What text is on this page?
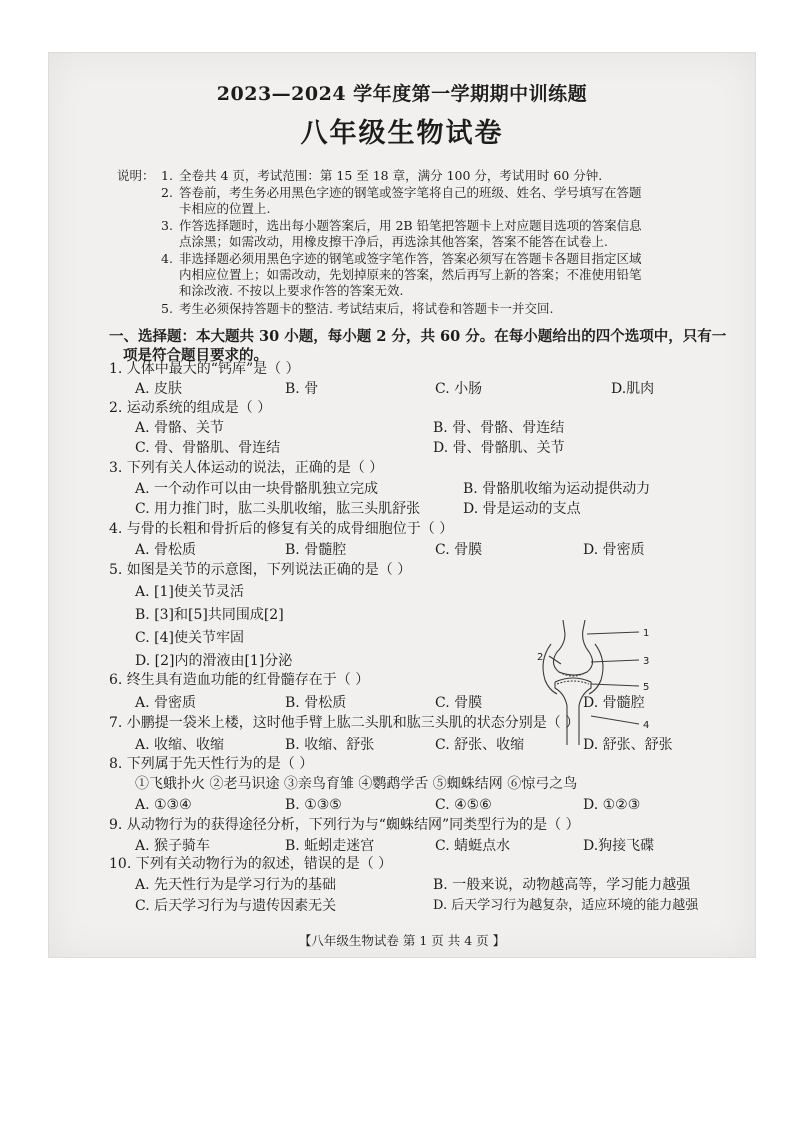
2023—2024 学年度第一学期期中训练题
八年级生物试卷
说明： 1. 全卷共 4 页，考试范围：第 15 至 18 章，满分 100 分，考试用时 60 分钟.
2. 答卷前，考生务必用黑色字迹的钢笔或签字笔将自己的班级、姓名、学号填写在答题
卡相应的位置上.
3. 作答选择题时，选出每小题答案后，用 2B 铅笔把答题卡上对应题目选项的答案信息
点涂黑；如需改动，用橡皮擦干净后，再选涂其他答案，答案不能答在试卷上.
4. 非选择题必须用黑色字迹的钢笔或签字笔作答，答案必须写在答题卡各题目指定区域
内相应位置上；如需改动，先划掉原来的答案，然后再写上新的答案；不准使用铅笔
和涂改液. 不按以上要求作答的答案无效.
5. 考生必须保持答题卡的整洁. 考试结束后，将试卷和答题卡一并交回.
一、选择题：本大题共 30 小题，每小题 2 分，共 60 分。在每小题给出的四个选项中，只有一
项是符合题目要求的。
1. 人体中最大的“钙库”是（ ）
A. 皮肤	B. 骨	C. 小肠	D.肌肉
2. 运动系统的组成是（ ）
A. 骨骼、关节	B. 骨、骨骼、骨连结
C. 骨、骨骼肌、骨连结	D. 骨、骨骼肌、关节
3. 下列有关人体运动的说法，正确的是（ ）
A. 一个动作可以由一块骨骼肌独立完成	B. 骨骼肌收缩为运动提供动力
C. 用力推门时，肱二头肌收缩，肱三头肌舒张	D. 骨是运动的支点
4. 与骨的长粗和骨折后的修复有关的成骨细胞位于（ ）
A. 骨松质	B. 骨髓腔	C. 骨膜	D. 骨密质
5. 如图是关节的示意图，下列说法正确的是（ ）
A. [1]使关节灵活
B. [3]和[5]共同围成[2]
C. [4]使关节牢固
D. [2]内的滑液由[1]分泌
1
2	3
5
4
6. 终生具有造血功能的红骨髓存在于（ ）
A. 骨密质	B. 骨松质	C. 骨膜	D. 骨髓腔
7. 小鹏提一袋米上楼，这时他手臂上肱二头肌和肱三头肌的状态分别是（ ）
A. 收缩、收缩	B. 收缩、舒张	C. 舒张、收缩	D. 舒张、舒张
8. 下列属于先天性行为的是（ ）
①飞蛾扑火 ②老马识途 ③亲鸟育雏 ④鹦鹉学舌 ⑤蜘蛛结网 ⑥惊弓之鸟
A. ①③④	B. ①③⑤	C. ④⑤⑥	D. ①②③
9. 从动物行为的获得途径分析，下列行为与“蜘蛛结网”同类型行为的是（ ）
A. 猴子骑车	B. 蚯蚓走迷宫	C. 蜻蜓点水	D.狗接飞碟
10. 下列有关动物行为的叙述，错误的是（ ）
A. 先天性行为是学习行为的基础	B. 一般来说，动物越高等，学习能力越强
C. 后天学习行为与遗传因素无关	D. 后天学习行为越复杂，适应环境的能力越强
【八年级生物试卷 第 1 页 共 4 页 】
